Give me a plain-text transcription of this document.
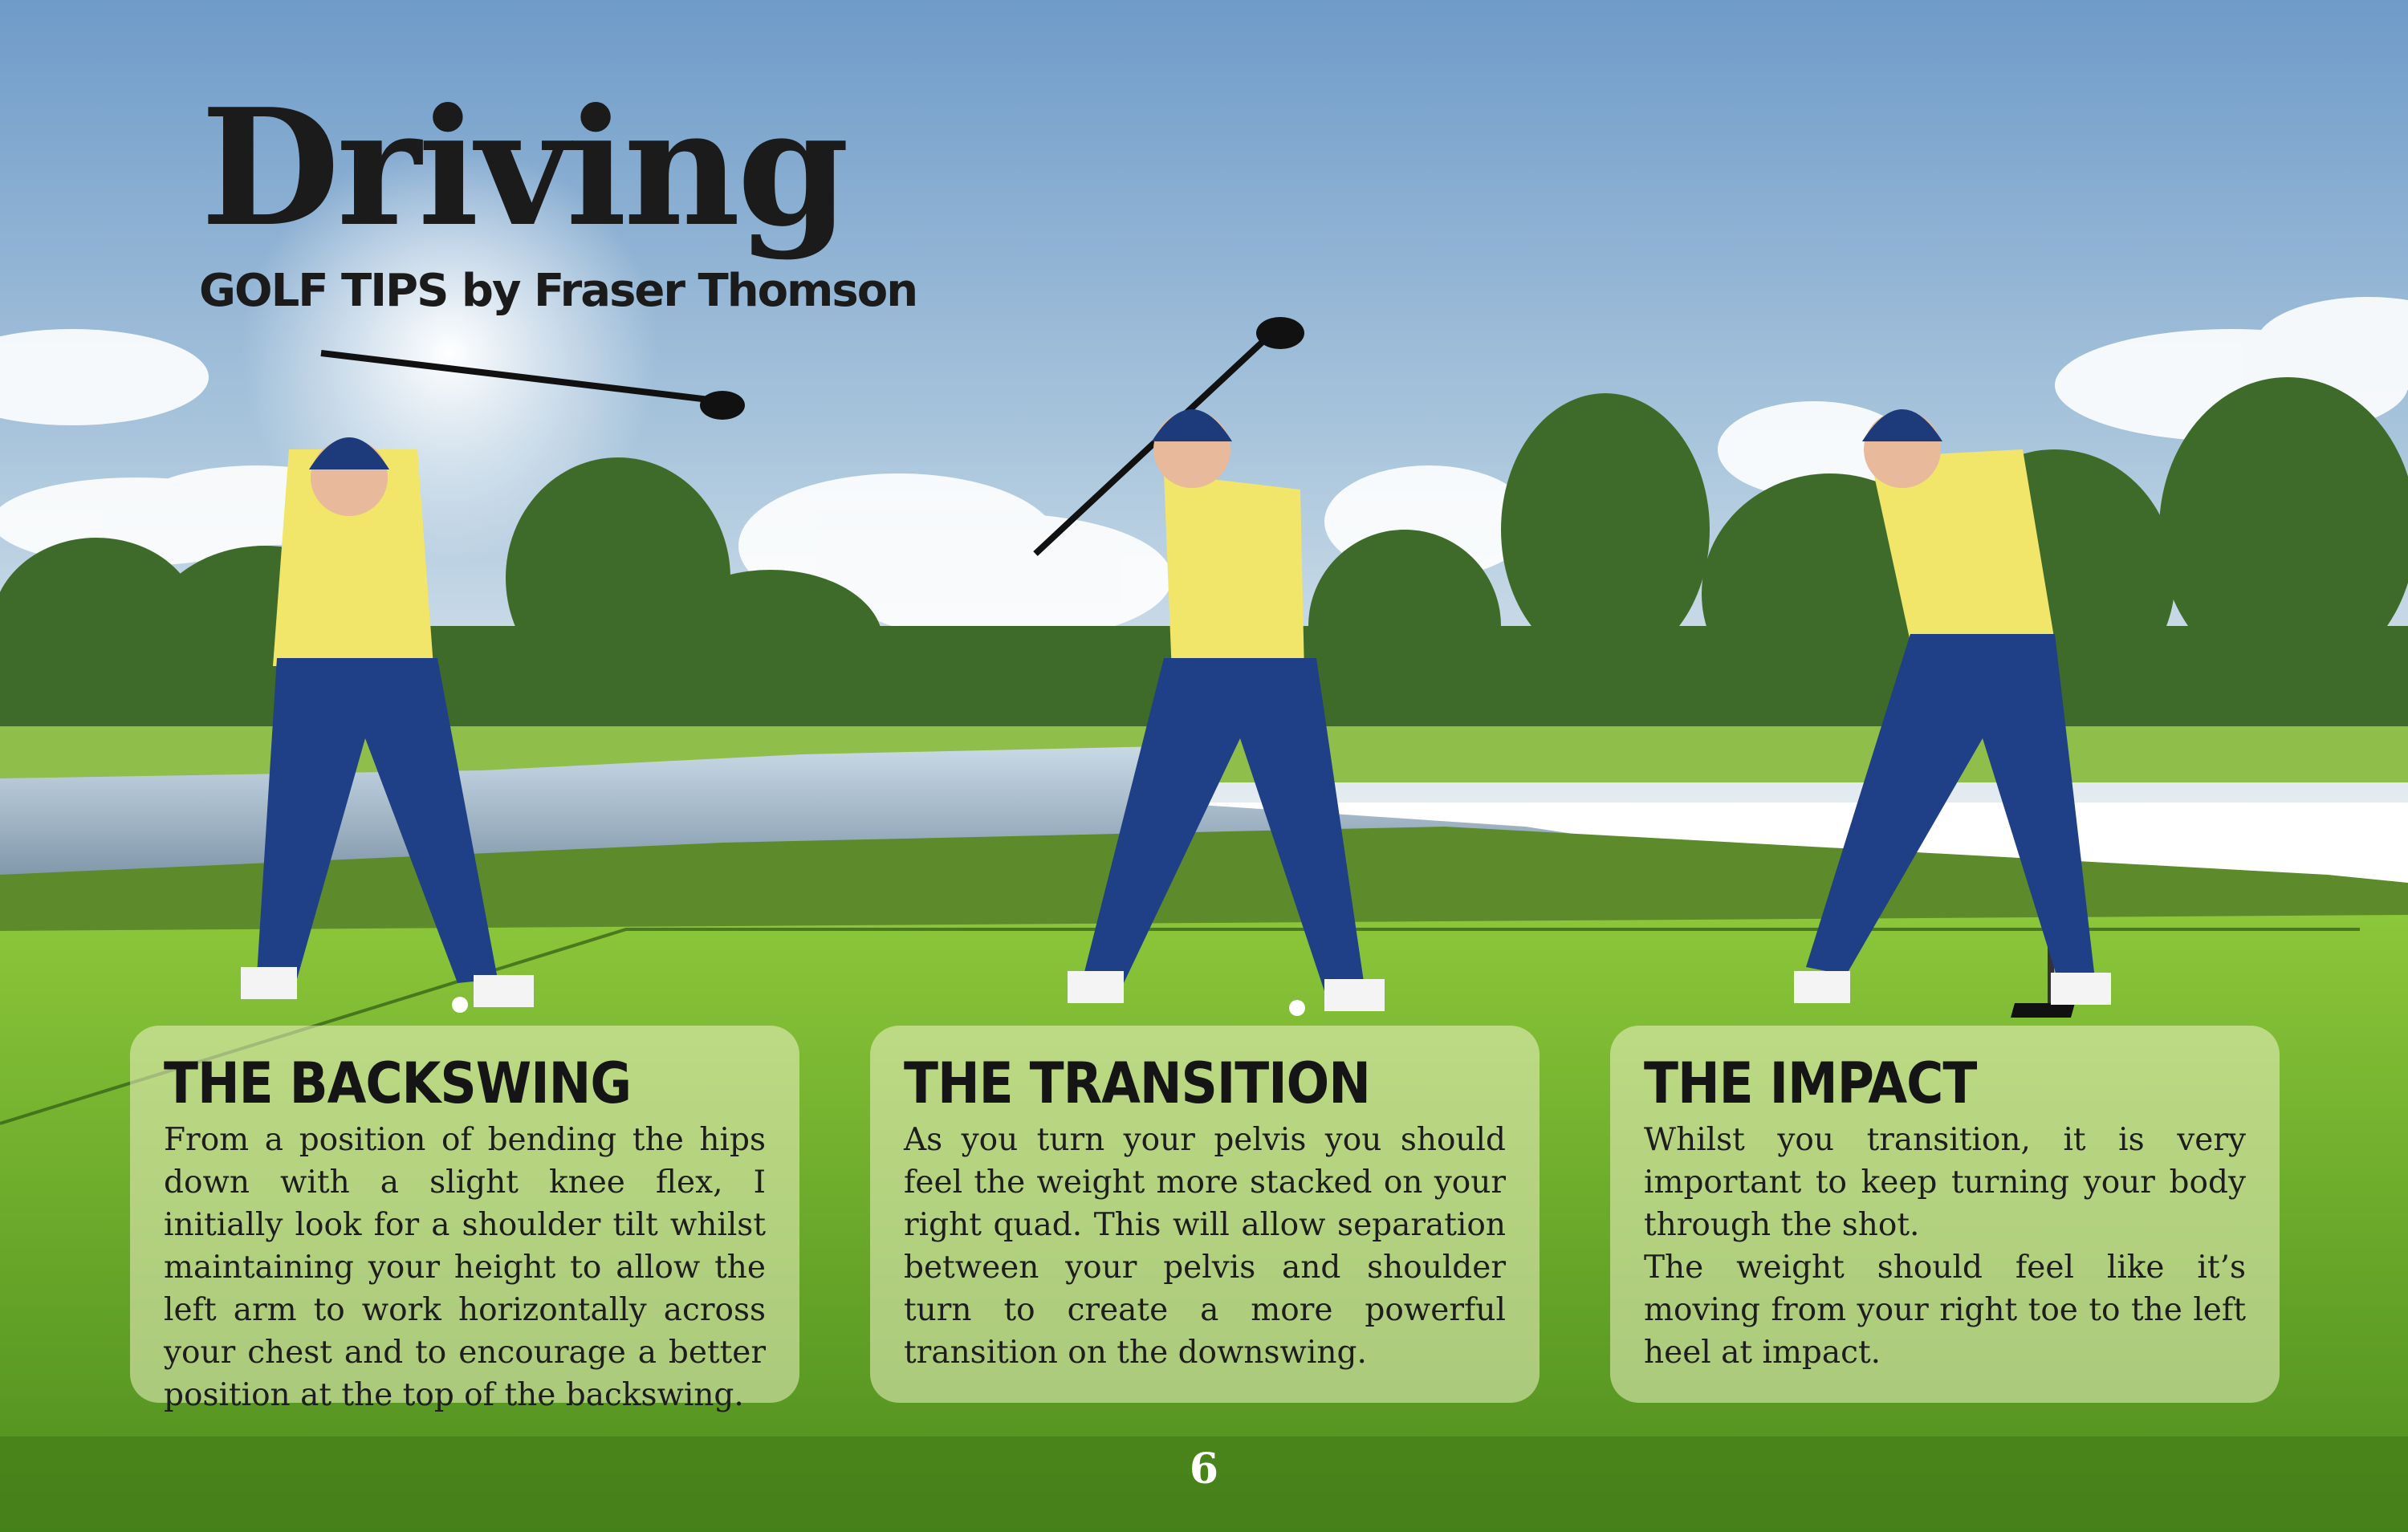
Driving
GOLF TIPS by Fraser Thomson
THE BACKSWING

From a position of bending the hips down with a slight knee flex, I initially look for a shoulder tilt whilst maintaining your height to allow the left arm to work horizontally across your chest and to encourage a better position at the top of the backswing.

THE TRANSITION

As you turn your pelvis you should feel the weight more stacked on your right quad. This will allow separation between your pelvis and shoulder turn to create a more powerful transition on the downswing.

THE IMPACT

Whilst you transition, it is very important to keep turning your body through the shot.
The weight should feel like it’s moving from your right toe to the left heel at impact.

6
